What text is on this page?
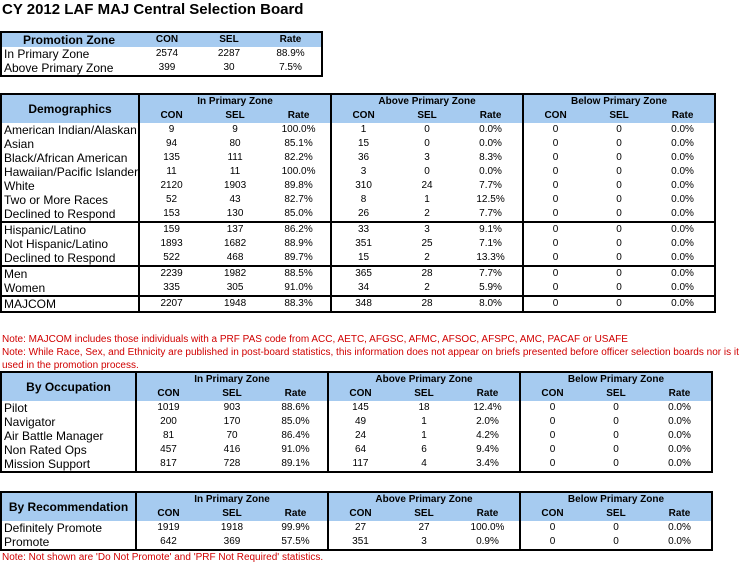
CY 2012 LAF MAJ Central Selection Board
Promotion Zone	CON	SEL	Rate
In Primary Zone	2574	2287	88.9%
Above Primary Zone	399	30	7.5%
Demographics	In Primary Zone			Above Primary Zone			Below Primary Zone		
	CON	SEL	Rate	CON	SEL	Rate	CON	SEL	Rate
American Indian/Alaskan	9	9	100.0%	1	0	0.0%	0	0	0.0%
Asian	94	80	85.1%	15	0	0.0%	0	0	0.0%
Black/African American	135	111	82.2%	36	3	8.3%	0	0	0.0%
Hawaiian/Pacific Islander	11	11	100.0%	3	0	0.0%	0	0	0.0%
White	2120	1903	89.8%	310	24	7.7%	0	0	0.0%
Two or More Races	52	43	82.7%	8	1	12.5%	0	0	0.0%
Declined to Respond	153	130	85.0%	26	2	7.7%	0	0	0.0%
Hispanic/Latino	159	137	86.2%	33	3	9.1%	0	0	0.0%
Not Hispanic/Latino	1893	1682	88.9%	351	25	7.1%	0	0	0.0%
Declined to Respond	522	468	89.7%	15	2	13.3%	0	0	0.0%
Men	2239	1982	88.5%	365	28	7.7%	0	0	0.0%
Women	335	305	91.0%	34	2	5.9%	0	0	0.0%
MAJCOM	2207	1948	88.3%	348	28	8.0%	0	0	0.0%
Note: MAJCOM includes those individuals with a PRF PAS code from ACC, AETC, AFGSC, AFMC, AFSOC, AFSPC, AMC, PACAF or USAFE
Note: While Race, Sex, and Ethnicity are published in post-board statistics, this information does not appear on briefs presented before officer selection boards nor is it used in the promotion process.
By Occupation	In Primary Zone			Above Primary Zone			Below Primary Zone		
	CON	SEL	Rate	CON	SEL	Rate	CON	SEL	Rate
Pilot	1019	903	88.6%	145	18	12.4%	0	0	0.0%
Navigator	200	170	85.0%	49	1	2.0%	0	0	0.0%
Air Battle Manager	81	70	86.4%	24	1	4.2%	0	0	0.0%
Non Rated Ops	457	416	91.0%	64	6	9.4%	0	0	0.0%
Mission Support	817	728	89.1%	117	4	3.4%	0	0	0.0%
By Recommendation	In Primary Zone			Above Primary Zone			Below Primary Zone		
	CON	SEL	Rate	CON	SEL	Rate	CON	SEL	Rate
Definitely Promote	1919	1918	99.9%	27	27	100.0%	0	0	0.0%
Promote	642	369	57.5%	351	3	0.9%	0	0	0.0%
Note: Not shown are 'Do Not Promote' and 'PRF Not Required' statistics.
